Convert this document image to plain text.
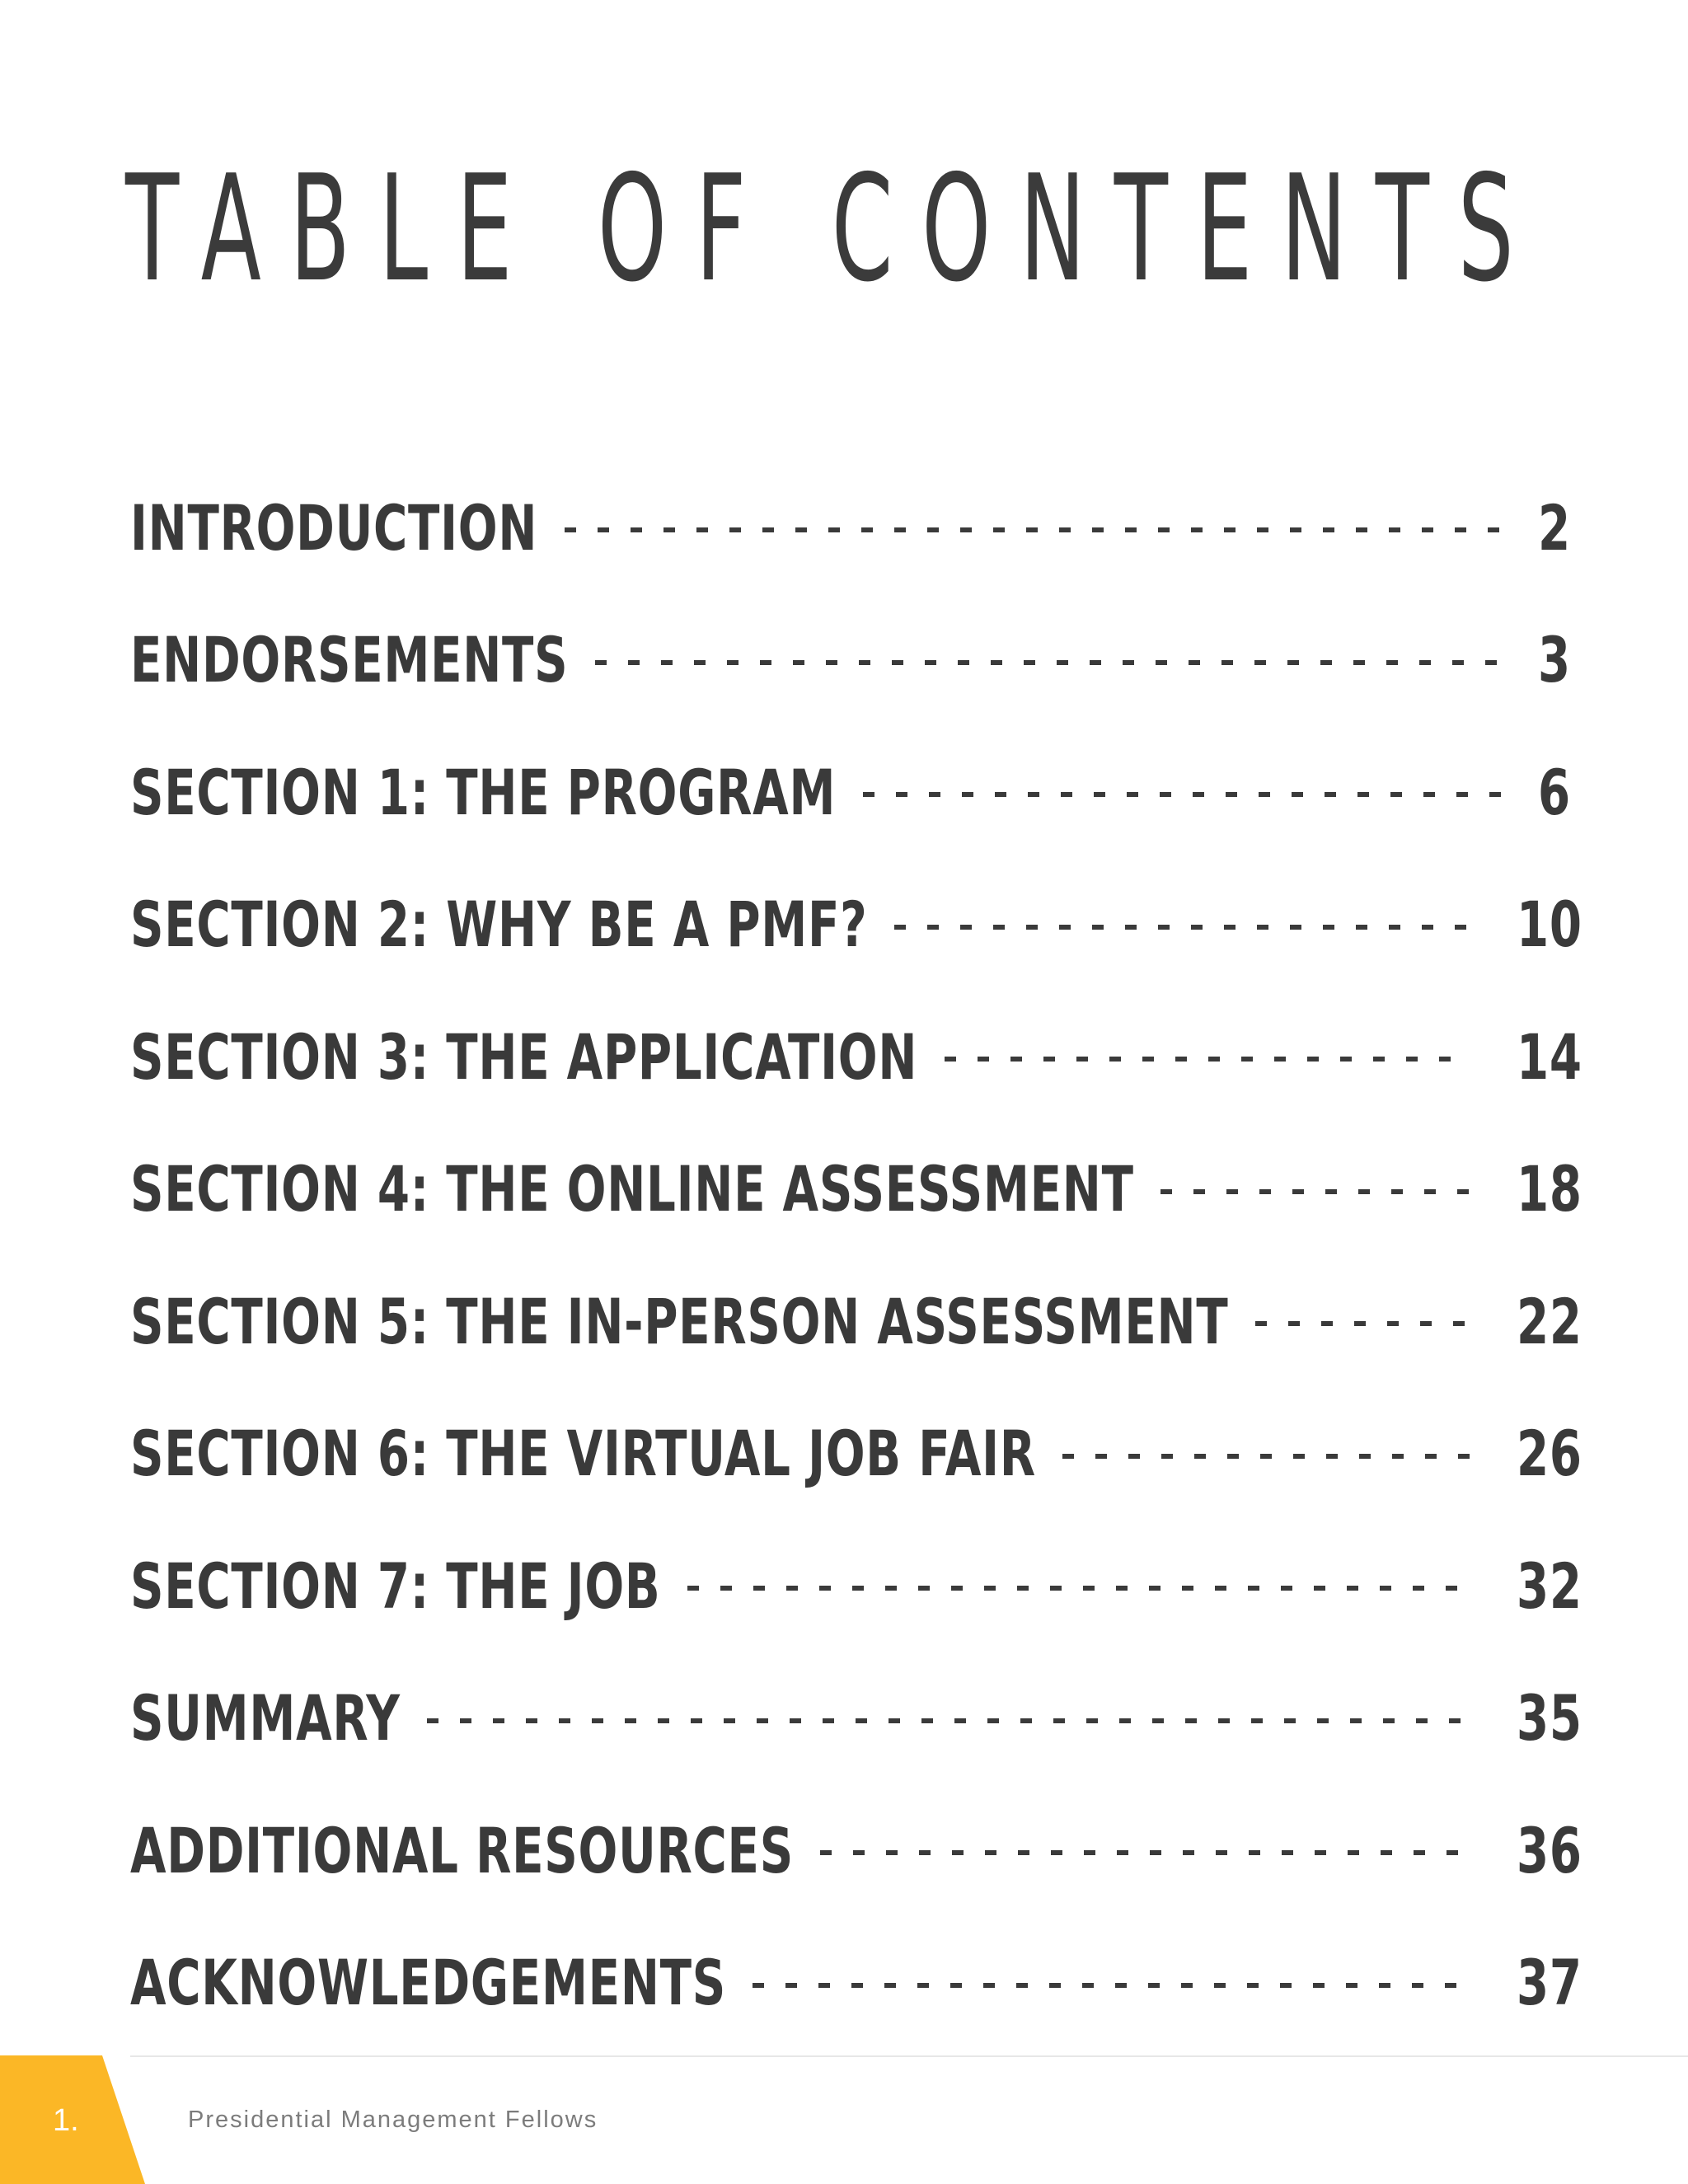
TABLE OF CONTENTS
INTRODUCTION	2
ENDORSEMENTS	3
SECTION 1: THE PROGRAM	6
SECTION 2: WHY BE A PMF?	10
SECTION 3: THE APPLICATION	14
SECTION 4: THE ONLINE ASSESSMENT	18
SECTION 5: THE IN-PERSON ASSESSMENT	22
SECTION 6: THE VIRTUAL JOB FAIR	26
SECTION 7: THE JOB	32
SUMMARY	35
ADDITIONAL RESOURCES	36
ACKNOWLEDGEMENTS	37
1.	Presidential Management Fellows
